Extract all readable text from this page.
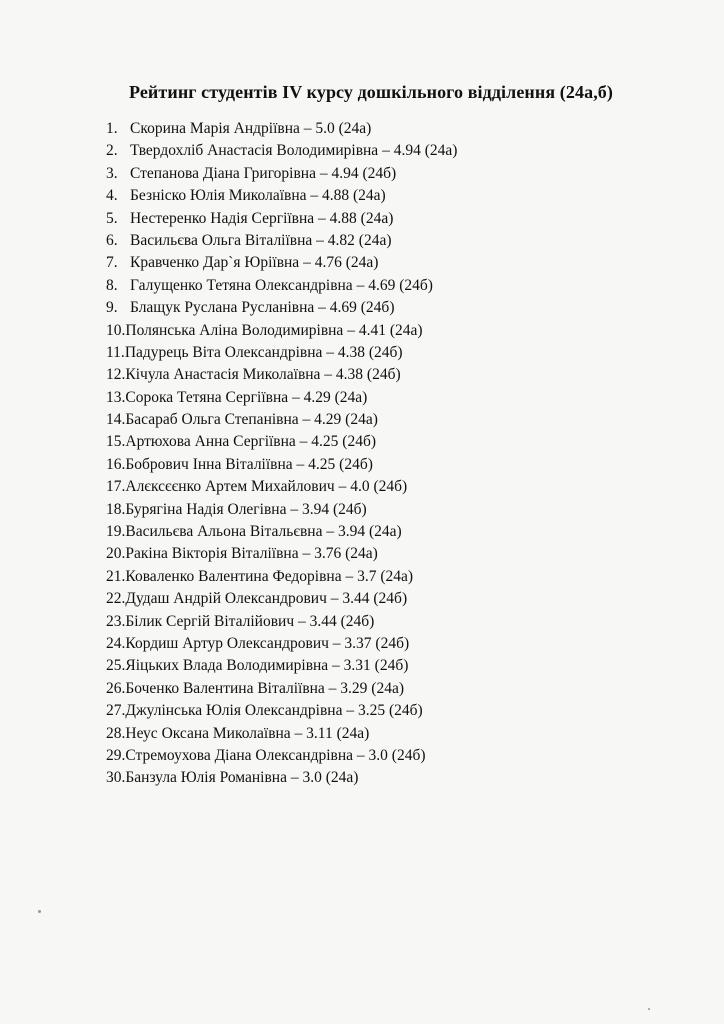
Рейтинг студентів IV курсу дошкільного відділення (24а,б)
1. Скорина Марія Андріївна – 5.0 (24а)
2. Твердохліб Анастасія Володимирівна – 4.94 (24а)
3. Степанова Діана Григорівна – 4.94 (24б)
4. Безніско Юлія Миколаївна – 4.88 (24а)
5. Нестеренко Надія Сергіївна – 4.88 (24а)
6. Васильєва Ольга Віталіївна – 4.82 (24а)
7. Кравченко Дар`я Юріївна – 4.76 (24а)
8. Галущенко Тетяна Олександрівна – 4.69 (24б)
9. Блащук Руслана Русланівна – 4.69 (24б)
10.Полянська Аліна Володимирівна – 4.41 (24а)
11.Падурець Віта Олександрівна – 4.38 (24б)
12.Кічула Анастасія Миколаївна – 4.38 (24б)
13.Сорока Тетяна Сергіївна – 4.29 (24а)
14.Басараб Ольга Степанівна – 4.29 (24а)
15.Артюхова Анна Сергіївна – 4.25 (24б)
16.Бобрович Інна Віталіївна – 4.25 (24б)
17.Алєксєєнко Артем Михайлович – 4.0 (24б)
18.Бурягіна Надія Олегівна – 3.94 (24б)
19.Васильєва Альона Вітальєвна – 3.94 (24а)
20.Ракіна Вікторія Віталіївна – 3.76 (24а)
21.Коваленко Валентина Федорівна – 3.7 (24а)
22.Дудаш Андрій Олександрович – 3.44 (24б)
23.Білик Сергій Віталійович – 3.44 (24б)
24.Кордиш Артур Олександрович – 3.37 (24б)
25.Яіцьких Влада Володимирівна – 3.31 (24б)
26.Боченко Валентина Віталіївна – 3.29 (24а)
27.Джулінська Юлія Олександрівна – 3.25 (24б)
28.Неус Оксана Миколаївна – 3.11 (24а)
29.Стремоухова Діана Олександрівна – 3.0 (24б)
30.Банзула Юлія Романівна – 3.0 (24а)
